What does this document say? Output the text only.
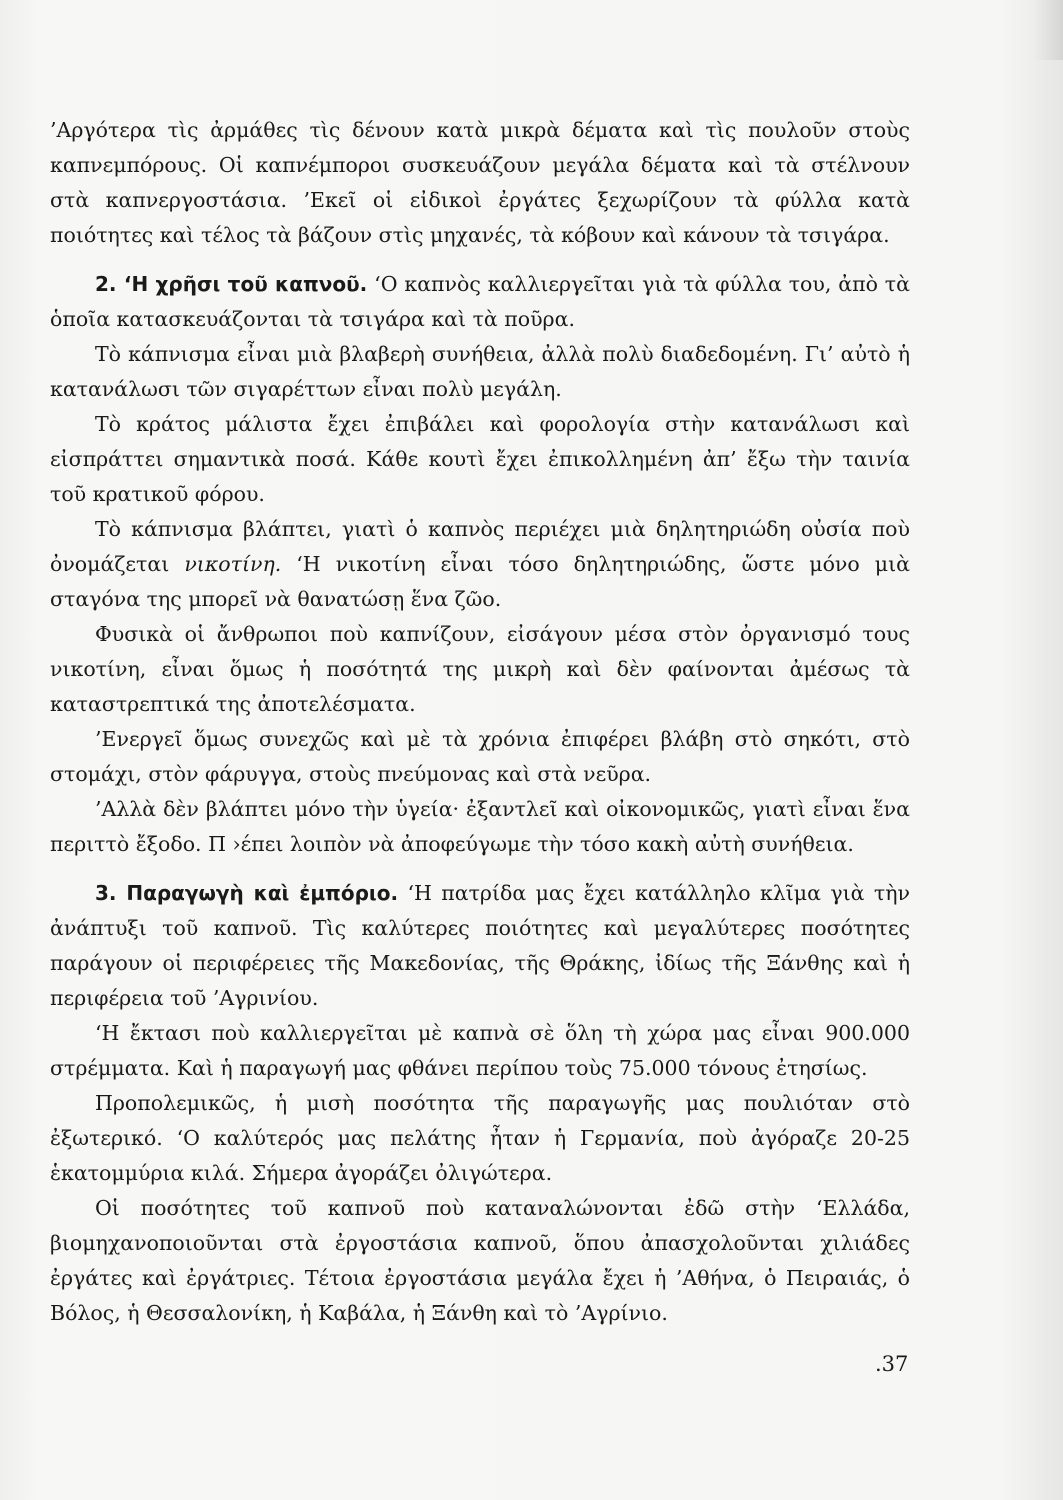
’Αργότερα τὶς ἀρμάθες τὶς δένουν κατὰ μικρὰ δέματα καὶ τὶς πουλοῦν στοὺς καπνεμπόρους. Οἱ καπνέμποροι συσκευάζουν μεγάλα δέματα καὶ τὰ στέλνουν στὰ καπνεργοστάσια. ’Εκεῖ οἱ εἰδικοὶ ἐργάτες ξεχωρίζουν τὰ φύλλα κατὰ ποιότητες καὶ τέλος τὰ βάζουν στὶς μηχανές, τὰ κόβουν καὶ κάνουν τὰ τσιγάρα.

2. ‘Η χρῆσι τοῦ καπνοῦ. ‘Ο καπνὸς καλλιεργεῖται γιὰ τὰ φύλλα του, ἀπὸ τὰ ὁποῖα κατασκευάζονται τὰ τσιγάρα καὶ τὰ ποῦρα.

Τὸ κάπνισμα εἶναι μιὰ βλαβερὴ συνήθεια, ἀλλὰ πολὺ διαδεδομένη. Γι’ αὐτὸ ἡ κατανάλωσι τῶν σιγαρέττων εἶναι πολὺ μεγάλη.

Τὸ κράτος μάλιστα ἔχει ἐπιβάλει καὶ φορολογία στὴν κατανάλωσι καὶ εἰσπράττει σημαντικὰ ποσά. Κάθε κουτὶ ἔχει ἐπικολλημένη ἀπ’ ἔξω τὴν ταινία τοῦ κρατικοῦ φόρου.

Τὸ κάπνισμα βλάπτει, γιατὶ ὁ καπνὸς περιέχει μιὰ δηλητηριώδη οὐσία ποὺ ὀνομάζεται νικοτίνη. ‘Η νικοτίνη εἶναι τόσο δηλητηριώδης, ὥστε μόνο μιὰ σταγόνα της μπορεῖ νὰ θανατώσῃ ἕνα ζῶο.

Φυσικὰ οἱ ἄνθρωποι ποὺ καπνίζουν, εἰσάγουν μέσα στὸν ὀργανισμό τους νικοτίνη, εἶναι ὅμως ἡ ποσότητά της μικρὴ καὶ δὲν φαίνονται ἀμέσως τὰ καταστρεπτικά της ἀποτελέσματα.

’Ενεργεῖ ὅμως συνεχῶς καὶ μὲ τὰ χρόνια ἐπιφέρει βλάβη στὸ σηκότι, στὸ στομάχι, στὸν φάρυγγα, στοὺς πνεύμονας καὶ στὰ νεῦρα.

’Αλλὰ δὲν βλάπτει μόνο τὴν ὑγεία· ἐξαντλεῖ καὶ οἰκονομικῶς, γιατὶ εἶναι ἕνα περιττὸ ἔξοδο. Π ›έπει λοιπὸν νὰ ἀποφεύγωμε τὴν τόσο κακὴ αὐτὴ συνήθεια.

3. Παραγωγὴ καὶ ἐμπόριο. ‘Η πατρίδα μας ἔχει κατάλληλο κλῖμα γιὰ τὴν ἀνάπτυξι τοῦ καπνοῦ. Τὶς καλύτερες ποιότητες καὶ μεγαλύτερες ποσότητες παράγουν οἱ περιφέρειες τῆς Μακεδονίας, τῆς Θράκης, ἰδίως τῆς Ξάνθης καὶ ἡ περιφέρεια τοῦ ’Αγρινίου.

‘Η ἔκτασι ποὺ καλλιεργεῖται μὲ καπνὰ σὲ ὅλη τὴ χώρα μας εἶναι 900.000 στρέμματα. Καὶ ἡ παραγωγή μας φθάνει περίπου τοὺς 75.000 τόνους ἐτησίως.

Προπολεμικῶς, ἡ μισὴ ποσότητα τῆς παραγωγῆς μας πουλιόταν στὸ ἐξωτερικό. ‘Ο καλύτερός μας πελάτης ἦταν ἡ Γερμανία, ποὺ ἀγόραζε 20-25 ἑκατομμύρια κιλά. Σήμερα ἀγοράζει ὀλιγώτερα.

Οἱ ποσότητες τοῦ καπνοῦ ποὺ καταναλώνονται ἐδῶ στὴν ‘Ελλάδα, βιομηχανοποιοῦνται στὰ ἐργοστάσια καπνοῦ, ὅπου ἀπασχολοῦνται χιλιάδες ἐργάτες καὶ ἐργάτριες. Τέτοια ἐργοστάσια μεγάλα ἔχει ἡ ’Αθήνα, ὁ Πειραιάς, ὁ Βόλος, ἡ Θεσσαλονίκη, ἡ Καβάλα, ἡ Ξάνθη καὶ τὸ ’Αγρίνιο.

.37
